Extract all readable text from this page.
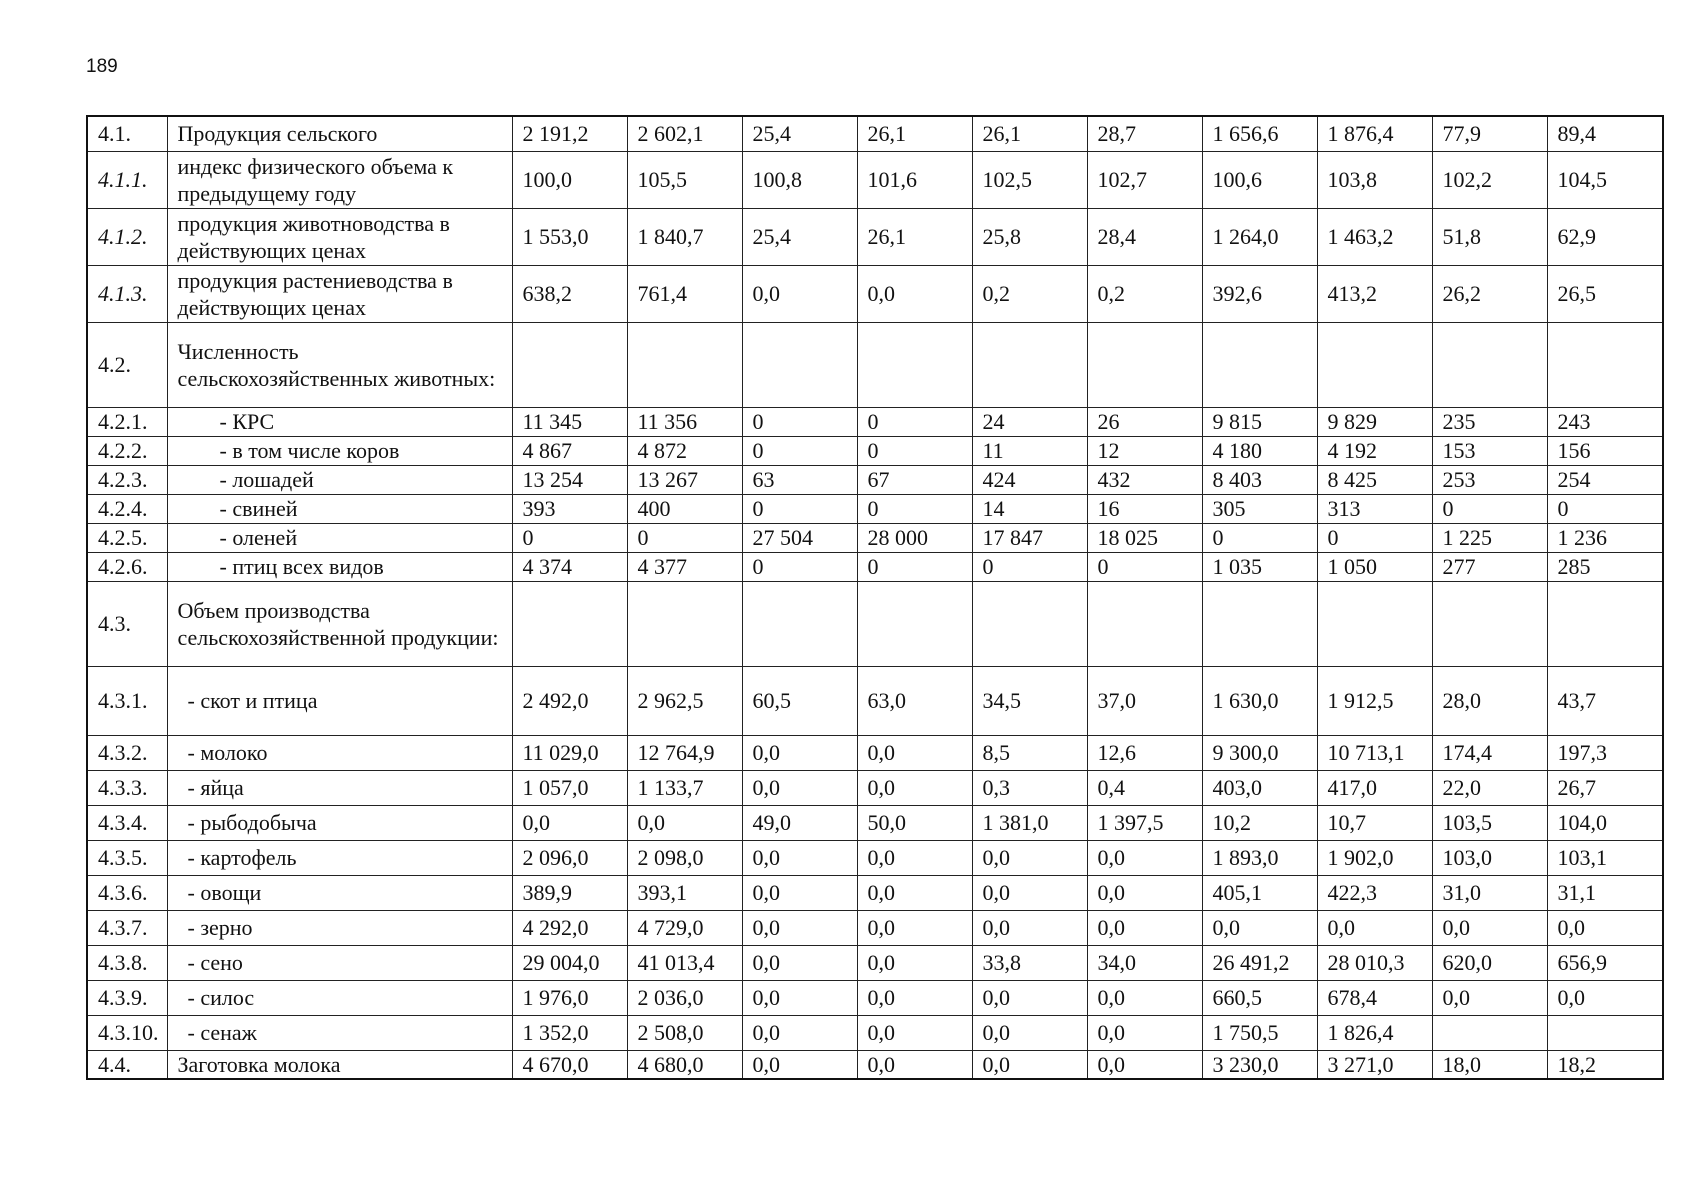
189
4.1.	Продукция сельского	2 191,2	2 602,1	25,4	26,1	26,1	28,7	1 656,6	1 876,4	77,9	89,4
4.1.1.	индекс физического объема к предыдущему году	100,0	105,5	100,8	101,6	102,5	102,7	100,6	103,8	102,2	104,5
4.1.2.	продукция животноводства в действующих ценах	1 553,0	1 840,7	25,4	26,1	25,8	28,4	1 264,0	1 463,2	51,8	62,9
4.1.3.	продукция растениеводства в действующих ценах	638,2	761,4	0,0	0,0	0,2	0,2	392,6	413,2	26,2	26,5
4.2.	Численность сельскохозяйственных животных:										
4.2.1.	- КРС	11 345	11 356	0	0	24	26	9 815	9 829	235	243
4.2.2.	- в том числе коров	4 867	4 872	0	0	11	12	4 180	4 192	153	156
4.2.3.	- лошадей	13 254	13 267	63	67	424	432	8 403	8 425	253	254
4.2.4.	- свиней	393	400	0	0	14	16	305	313	0	0
4.2.5.	- оленей	0	0	27 504	28 000	17 847	18 025	0	0	1 225	1 236
4.2.6.	- птиц всех видов	4 374	4 377	0	0	0	0	1 035	1 050	277	285
4.3.	Объем производства сельскохозяйственной продукции:										
4.3.1.	- скот и птица	2 492,0	2 962,5	60,5	63,0	34,5	37,0	1 630,0	1 912,5	28,0	43,7
4.3.2.	- молоко	11 029,0	12 764,9	0,0	0,0	8,5	12,6	9 300,0	10 713,1	174,4	197,3
4.3.3.	- яйца	1 057,0	1 133,7	0,0	0,0	0,3	0,4	403,0	417,0	22,0	26,7
4.3.4.	- рыбодобыча	0,0	0,0	49,0	50,0	1 381,0	1 397,5	10,2	10,7	103,5	104,0
4.3.5.	- картофель	2 096,0	2 098,0	0,0	0,0	0,0	0,0	1 893,0	1 902,0	103,0	103,1
4.3.6.	- овощи	389,9	393,1	0,0	0,0	0,0	0,0	405,1	422,3	31,0	31,1
4.3.7.	- зерно	4 292,0	4 729,0	0,0	0,0	0,0	0,0	0,0	0,0	0,0	0,0
4.3.8.	- сено	29 004,0	41 013,4	0,0	0,0	33,8	34,0	26 491,2	28 010,3	620,0	656,9
4.3.9.	- силос	1 976,0	2 036,0	0,0	0,0	0,0	0,0	660,5	678,4	0,0	0,0
4.3.10.	- сенаж	1 352,0	2 508,0	0,0	0,0	0,0	0,0	1 750,5	1 826,4		
4.4.	Заготовка молока	4 670,0	4 680,0	0,0	0,0	0,0	0,0	3 230,0	3 271,0	18,0	18,2
